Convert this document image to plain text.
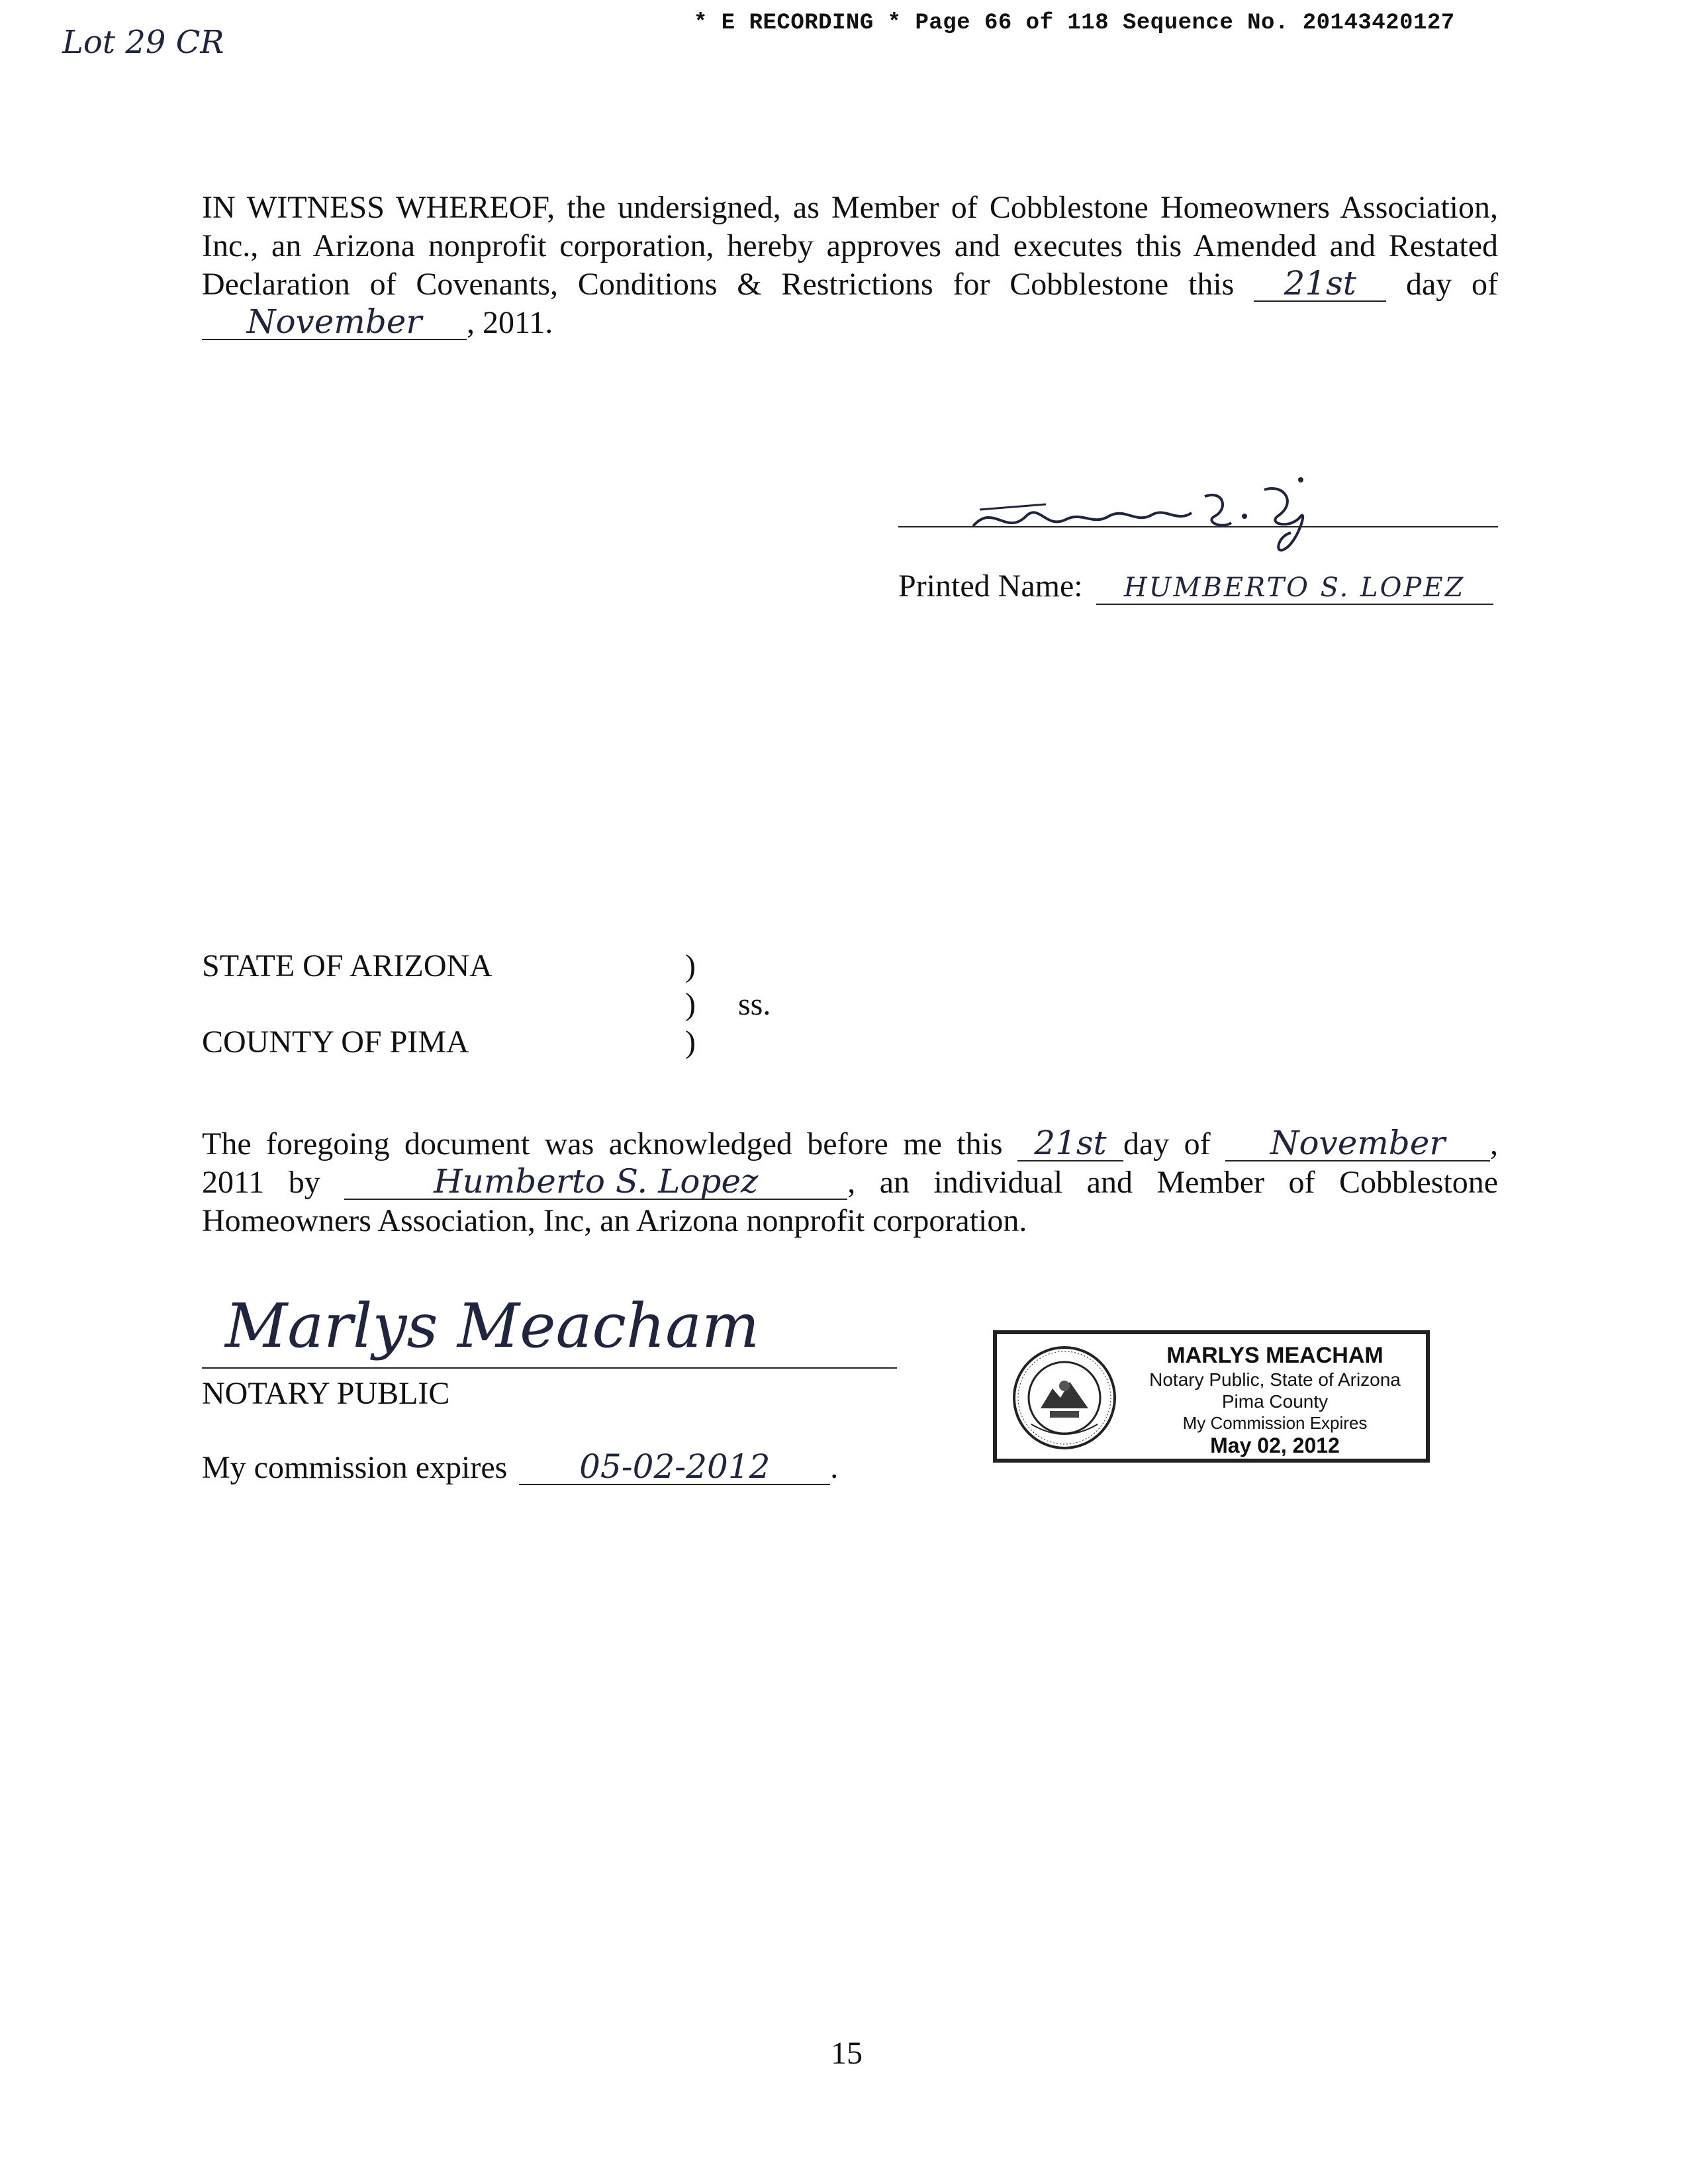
* E RECORDING * Page 66 of 118 Sequence No. 20143420127
Lot 29 CR
IN WITNESS WHEREOF, the undersigned, as Member of Cobblestone Homeowners Association, Inc., an Arizona nonprofit corporation, hereby approves and executes this Amended and Restated Declaration of Covenants, Conditions & Restrictions for Cobblestone this 21st day of November , 2011.
Printed Name: HUMBERTO S. LOPEZ
STATE OF ARIZONA
COUNTY OF PIMA
)
)
)
ss.
The foregoing document was acknowledged before me this 21st day of November , 2011 by	Humberto S. Lopez	, an individual and Member of Cobblestone Homeowners Association, Inc, an Arizona nonprofit corporation.
Marlys Meacham
NOTARY PUBLIC
My commission expires 05-02-2012 .
MARLYS MEACHAM
Notary Public, State of Arizona
Pima County
My Commission Expires
May 02, 2012
15
